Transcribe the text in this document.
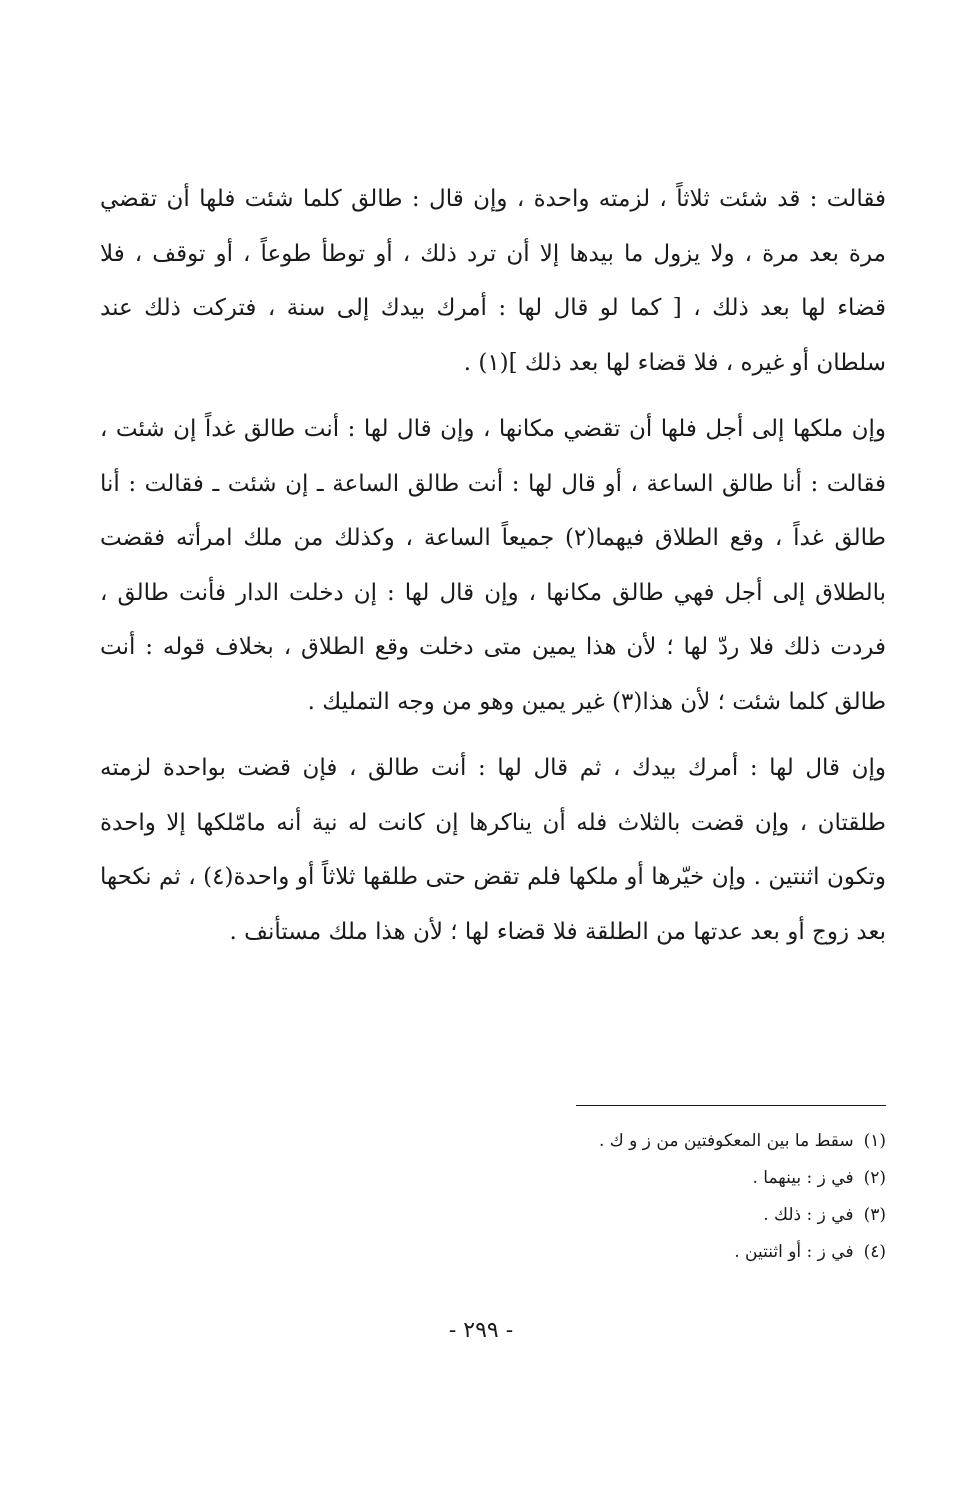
فقالت : قد شئت ثلاثاً ، لزمته واحدة ، وإن قال : طالق كلما شئت فلها أن تقضي مرة بعد مرة ، ولا يزول ما بيدها إلا أن ترد ذلك ، أو توطأ طوعاً ، أو توقف ، فلا قضاء لها بعد ذلك ، [ كما لو قال لها : أمرك بيدك إلى سنة ، فتركت ذلك عند سلطان أو غيره ، فلا قضاء لها بعد ذلك ](١) .

وإن ملكها إلى أجل فلها أن تقضي مكانها ، وإن قال لها : أنت طالق غداً إن شئت ، فقالت : أنا طالق الساعة ، أو قال لها : أنت طالق الساعة ـ إن شئت ـ فقالت : أنا طالق غداً ، وقع الطلاق فيهما(٢) جميعاً الساعة ، وكذلك من ملك امرأته فقضت بالطلاق إلى أجل فهي طالق مكانها ، وإن قال لها : إن دخلت الدار فأنت طالق ، فردت ذلك فلا ردّ لها ؛ لأن هذا يمين متى دخلت وقع الطلاق ، بخلاف قوله : أنت طالق كلما شئت ؛ لأن هذا(٣) غير يمين وهو من وجه التمليك .

وإن قال لها : أمرك بيدك ، ثم قال لها : أنت طالق ، فإن قضت بواحدة لزمته طلقتان ، وإن قضت بالثلاث فله أن يناكرها إن كانت له نية أنه مامّلكها إلا واحدة وتكون اثنتين . وإن خيّرها أو ملكها فلم تقض حتى طلقها ثلاثاً أو واحدة(٤) ، ثم نكحها بعد زوج أو بعد عدتها من الطلقة فلا قضاء لها ؛ لأن هذا ملك مستأنف .

(١)سقط ما بين المعكوفتين من ز و ك .
(٢)في ز : بينهما .
(٣)في ز : ذلك .
(٤)في ز : أو اثنتين .
- ٢٩٩ -
